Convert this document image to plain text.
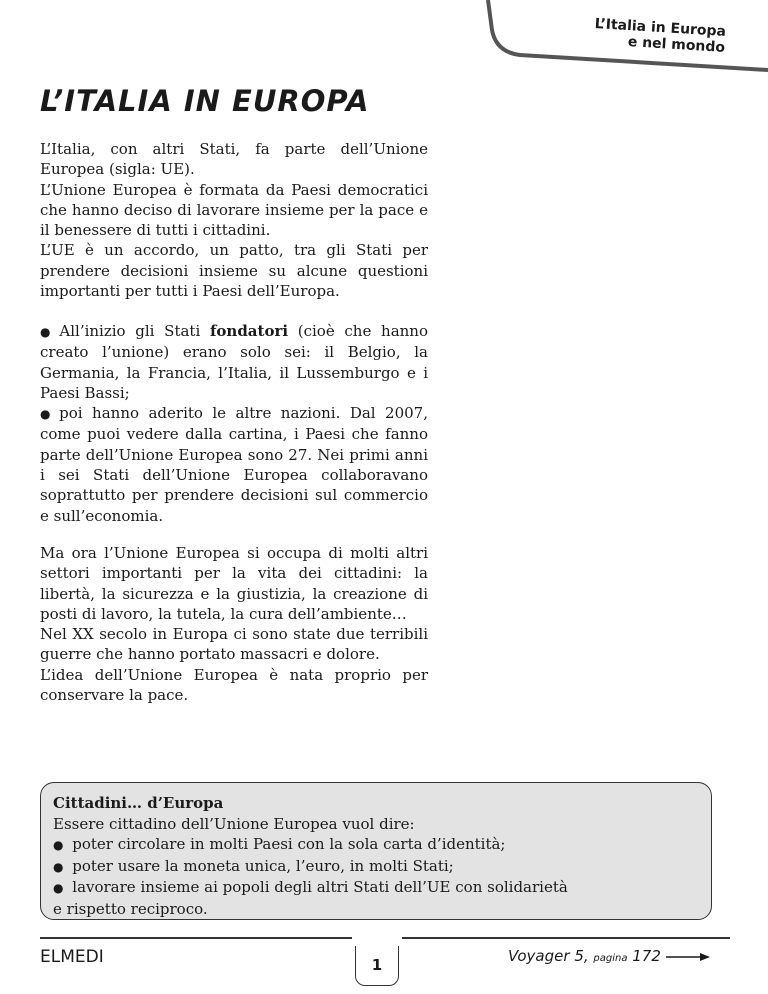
L’Italia in Europa
e nel mondo
L’ITALIA IN EUROPA

L’Italia, con altri Stati, fa parte dell’Unione Europea (sigla: UE).

L’Unione Europea è formata da Paesi democratici che hanno deciso di lavorare insieme per la pace e il benessere di tutti i cittadini.

L’UE è un accordo, un patto, tra gli Stati per prendere decisioni insieme su alcune questioni importanti per tutti i Paesi dell’Europa.

● All’inizio gli Stati fondatori (cioè che hanno creato l’unione) erano solo sei: il Belgio, la Germania, la Francia, l’Italia, il Lussemburgo e i Paesi Bassi;

● poi hanno aderito le altre nazioni. Dal 2007, come puoi vedere dalla cartina, i Paesi che fanno parte dell’Unione Europea sono 27. Nei primi anni i sei Stati dell’Unione Europea collaboravano soprattutto per prendere decisioni sul commercio e sull’economia.

Ma ora l’Unione Europea si occupa di molti altri settori importanti per la vita dei cittadini: la libertà, la sicurezza e la giustizia, la creazione di posti di lavoro, la tutela, la cura dell’ambiente…

Nel XX secolo in Europa ci sono state due terribili guerre che hanno portato massacri e dolore.

L’idea dell’Unione Europea è nata proprio per conservare la pace.

Cittadini… d’Europa

Essere cittadino dell’Unione Europea vuol dire:

● poter circolare in molti Paesi con la sola carta d’identità;

● poter usare la moneta unica, l’euro, in molti Stati;

● lavorare insieme ai popoli degli altri Stati dell’UE con solidarietà

e rispetto reciproco.

ELMEDI	1	Voyager 5, pagina 172
